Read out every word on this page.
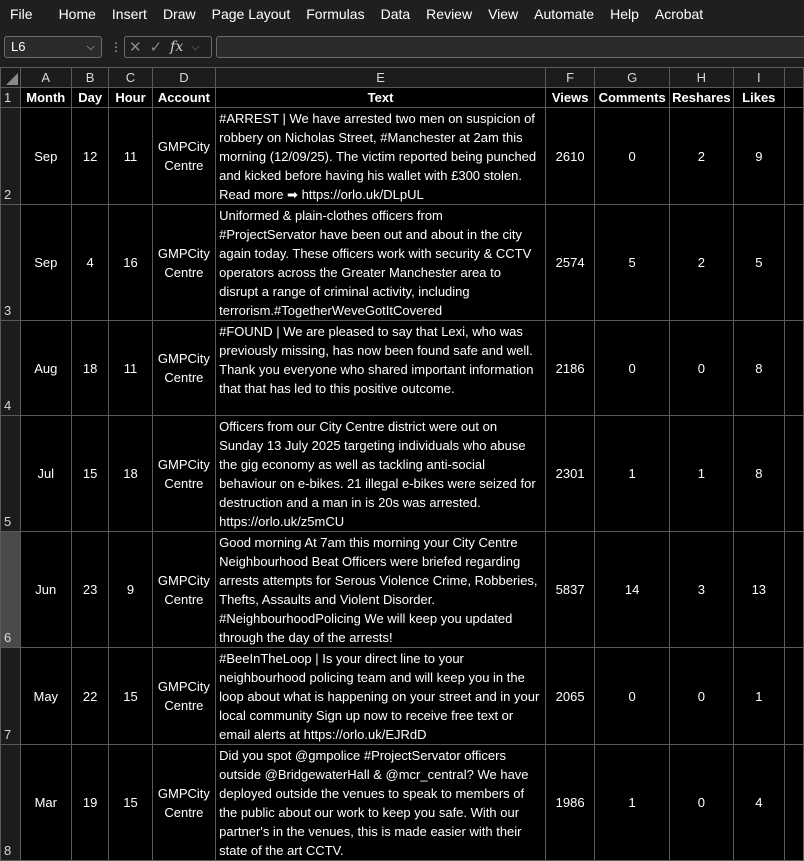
File	Home	Insert	Draw	Page Layout	Formulas	Data	Review	View	Automate	Help	Acrobat
L6	⌵ ⋮ ✕ ✓ fx ⌵
	A	B	C	D	E	F	G	H	I	
1	Month	Day	Hour	Account	Text	Views	Comments	Reshares	Likes	
2	Sep	12	11	GMPCity Centre	#ARREST | We have arrested two men on suspicion of robbery on Nicholas Street, #Manchester at 2am this morning (12/09/25). The victim reported being punched and kicked before having his wallet with £300 stolen. Read more ➡ https://orlo.uk/DLpUL	2610	0	2	9	
3	Sep	4	16	GMPCity Centre	Uniformed & plain-clothes officers from #ProjectServator have been out and about in the city again today. These officers work with security & CCTV operators across the Greater Manchester area to disrupt a range of criminal activity, including terrorism.#TogetherWeveGotItCovered	2574	5	2	5	
4	Aug	18	11	GMPCity Centre	#FOUND | We are pleased to say that Lexi, who was previously missing, has now been found safe and well. Thank you everyone who shared important information that that has led to this positive outcome.	2186	0	0	8	
5	Jul	15	18	GMPCity Centre	Officers from our City Centre district were out on Sunday 13 July 2025 targeting individuals who abuse the gig economy as well as tackling anti-social behaviour on e-bikes. 21 illegal e-bikes were seized for destruction and a man in is 20s was arrested. https://orlo.uk/z5mCU	2301	1	1	8	
6	Jun	23	9	GMPCity Centre	Good morning At 7am this morning your City Centre Neighbourhood Beat Officers were briefed regarding arrests attempts for Serous Violence Crime, Robberies, Thefts, Assaults and Violent Disorder. #NeighbourhoodPolicing We will keep you updated through the day of the arrests!	5837	14	3	13	
7	May	22	15	GMPCity Centre	#BeeInTheLoop | Is your direct line to your neighbourhood policing team and will keep you in the loop about what is happening on your street and in your local community Sign up now to receive free text or email alerts at https://orlo.uk/EJRdD	2065	0	0	1	
8	Mar	19	15	GMPCity Centre	Did you spot @gmpolice #ProjectServator officers outside @BridgewaterHall & @mcr_central? We have deployed outside the venues to speak to members of the public about our work to keep you safe. With our partner's in the venues, this is made easier with their state of the art CCTV.	1986	1	0	4	
